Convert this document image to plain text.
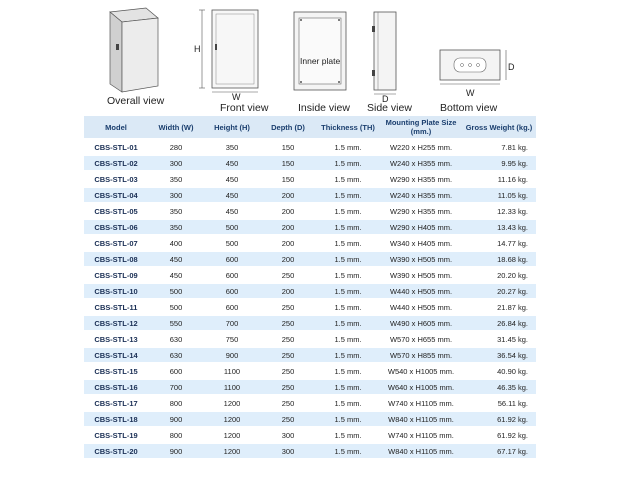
Overall view
H
W
Front view
Inner plate
Inside view
D
Side view
D
W
Bottom view
Model	Width (W)	Height (H)	Depth (D)	Thickness (TH)	Mounting Plate Size (mm.)	Gross Weight (kg.)
CBS-STL-01	280	350	150	1.5 mm.	W220 x H255 mm.	7.81 kg.
CBS-STL-02	300	450	150	1.5 mm.	W240 x H355 mm.	9.95 kg.
CBS-STL-03	350	450	150	1.5 mm.	W290 x H355 mm.	11.16 kg.
CBS-STL-04	300	450	200	1.5 mm.	W240 x H355 mm.	11.05 kg.
CBS-STL-05	350	450	200	1.5 mm.	W290 x H355 mm.	12.33 kg.
CBS-STL-06	350	500	200	1.5 mm.	W290 x H405 mm.	13.43 kg.
CBS-STL-07	400	500	200	1.5 mm.	W340 x H405 mm.	14.77 kg.
CBS-STL-08	450	600	200	1.5 mm.	W390 x H505 mm.	18.68 kg.
CBS-STL-09	450	600	250	1.5 mm.	W390 x H505 mm.	20.20 kg.
CBS-STL-10	500	600	200	1.5 mm.	W440 x H505 mm.	20.27 kg.
CBS-STL-11	500	600	250	1.5 mm.	W440 x H505 mm.	21.87 kg.
CBS-STL-12	550	700	250	1.5 mm.	W490 x H605 mm.	26.84 kg.
CBS-STL-13	630	750	250	1.5 mm.	W570 x H655 mm.	31.45 kg.
CBS-STL-14	630	900	250	1.5 mm.	W570 x H855 mm.	36.54 kg.
CBS-STL-15	600	1100	250	1.5 mm.	W540 x H1005 mm.	40.90 kg.
CBS-STL-16	700	1100	250	1.5 mm.	W640 x H1005 mm.	46.35 kg.
CBS-STL-17	800	1200	250	1.5 mm.	W740 x H1105 mm.	56.11 kg.
CBS-STL-18	900	1200	250	1.5 mm.	W840 x H1105 mm.	61.92 kg.
CBS-STL-19	800	1200	300	1.5 mm.	W740 x H1105 mm.	61.92 kg.
CBS-STL-20	900	1200	300	1.5 mm.	W840 x H1105 mm.	67.17 kg.
